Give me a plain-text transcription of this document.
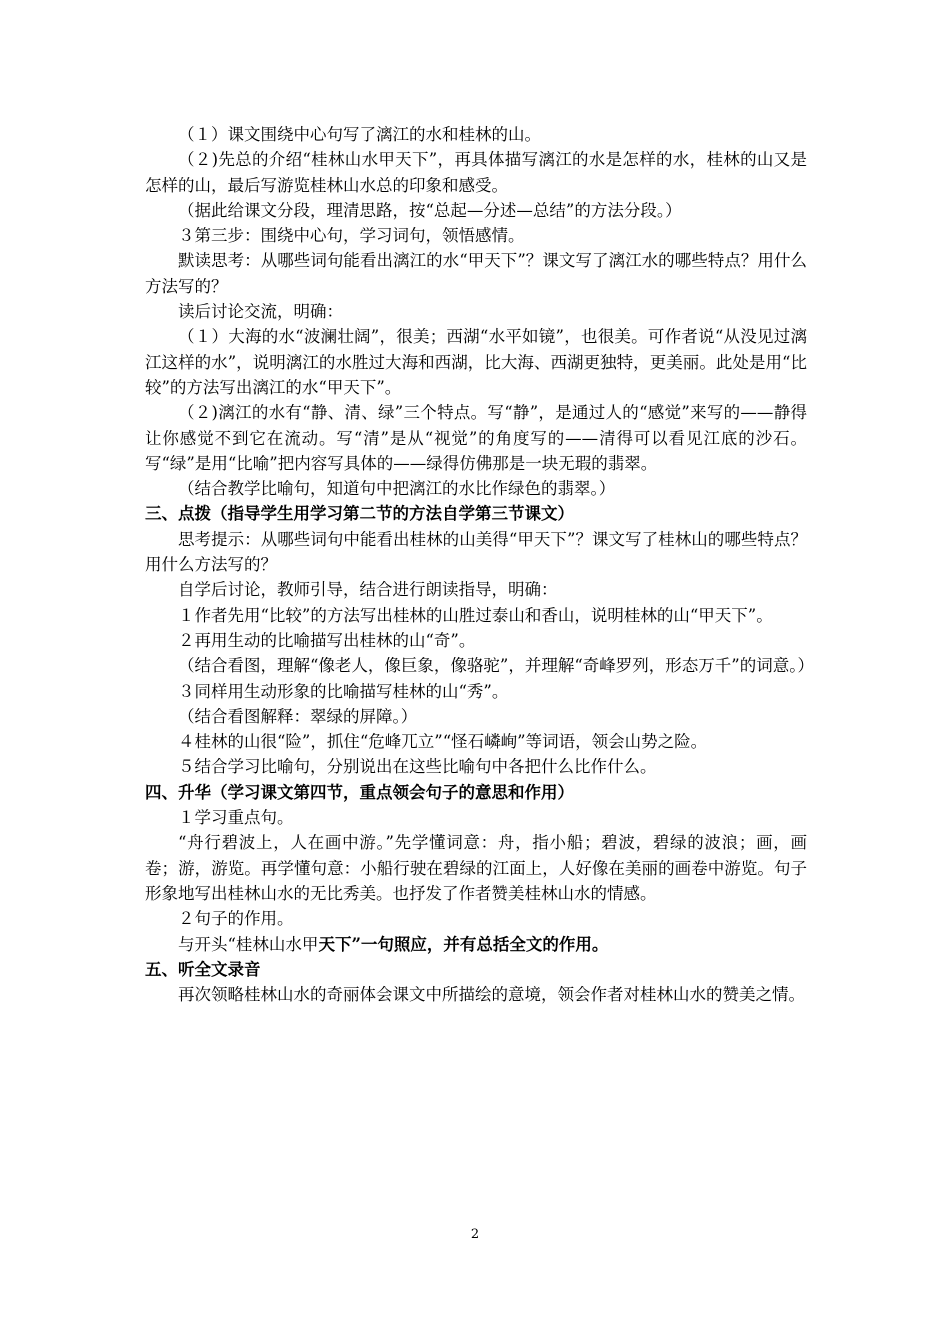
（１）课文围绕中心句写了漓江的水和桂林的山。

（２)先总的介绍“桂林山水甲天下”，再具体描写漓江的水是怎样的水，桂林的山又是怎样的山，最后写游览桂林山水总的印象和感受。

（据此给课文分段，理清思路，按“总起—分述—总结”的方法分段。）

３第三步：围绕中心句，学习词句，领悟感情。

默读思考：从哪些词句能看出漓江的水“甲天下”？课文写了漓江水的哪些特点？用什么方法写的？

读后讨论交流，明确：

（１）大海的水“波澜壮阔”，很美；西湖“水平如镜”，也很美。可作者说“从没见过漓江这样的水”，说明漓江的水胜过大海和西湖，比大海、西湖更独特，更美丽。此处是用“比较”的方法写出漓江的水“甲天下”。

（２)漓江的水有“静、清、绿”三个特点。写“静”，是通过人的“感觉”来写的——静得让你感觉不到它在流动。写“清”是从“视觉”的角度写的——清得可以看见江底的沙石。写“绿”是用“比喻”把内容写具体的——绿得仿佛那是一块无瑕的翡翠。

（结合教学比喻句，知道句中把漓江的水比作绿色的翡翠。）

三、点拨（指导学生用学习第二节的方法自学第三节课文）

思考提示：从哪些词句中能看出桂林的山美得“甲天下”？课文写了桂林山的哪些特点？用什么方法写的？

自学后讨论，教师引导，结合进行朗读指导，明确：

１作者先用“比较”的方法写出桂林的山胜过泰山和香山，说明桂林的山“甲天下”。

２再用生动的比喻描写出桂林的山“奇”。

（结合看图，理解“像老人，像巨象，像骆驼”，并理解“奇峰罗列，形态万千”的词意。）

３同样用生动形象的比喻描写桂林的山“秀”。

（结合看图解释：翠绿的屏障。）

４桂林的山很“险”，抓住“危峰兀立”“怪石嶙峋”等词语，领会山势之险。

５结合学习比喻句，分别说出在这些比喻句中各把什么比作什么。

四、升华（学习课文第四节，重点领会句子的意思和作用）

１学习重点句。

“舟行碧波上，人在画中游。”先学懂词意：舟，指小船；碧波，碧绿的波浪；画，画卷；游，游览。再学懂句意：小船行驶在碧绿的江面上，人好像在美丽的画卷中游览。句子形象地写出桂林山水的无比秀美。也抒发了作者赞美桂林山水的情感。

２句子的作用。

与开头“桂林山水甲天下”一句照应，并有总括全文的作用。

五、听全文录音

再次领略桂林山水的奇丽体会课文中所描绘的意境，领会作者对桂林山水的赞美之情。

2
